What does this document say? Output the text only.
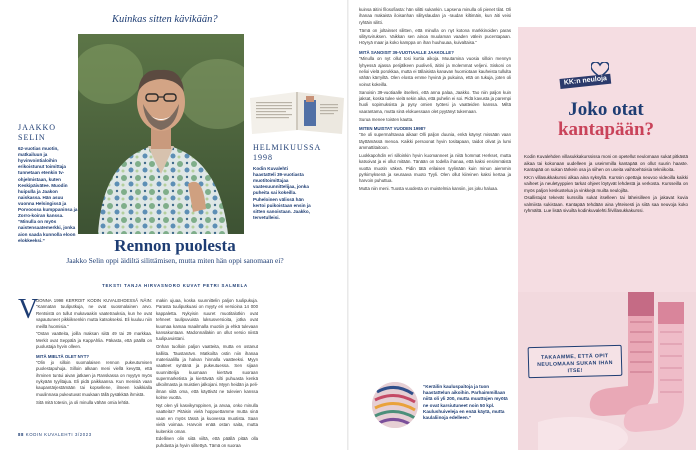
Kuinkas sitten kävikään?
JAAKKO SELIN
62-vuotias muotin, matkailuun ja hyvinvointialoihin erikoistunut toimittaja tunnetaan etenkin tv-ohjelmistaan, kuten Keskipäivätee. Muodin huipulla ja Jaakon naiskassa. Hän asuu vuonna Helsingissä ja Porvoossa kumppaninsa ja Zorro-koiran kanssa. “Minulla on myös naistensaatemerkki, jonka aion saada kunnolla eloon elokkeeksi.”
HELMIKUUSSA 1998
Kodin Kuvalehti haastatteli 39-vuotiasta muotitoimittajaa vaatesuunnittelijaa, jonka puheita sai kokeilla. Puheloinen välissä hän kertoi puikoistaan ensin ja sitten sanoistaan. Jaakko, tervetulleisi.
Rennon puolesta
Jaakko Selin oppi äidiltä silittämisen, mutta miten hän oppi sanomaan ei?
TEKSTI TANJA HIRVASNORO KUVAT PETRI SALMELA
V

UONNA 1998 KERROIT KODIN KUVALEHDESSÄ NÄIN: “Kannatan tuuliputkuja, ne ovat suosmalainen arvo. Rentsistä on tullut mukavaakin vaatetrauksia, kun he ovat vapautuneet pikkiiksenkin mutta katsokseksi. Eli kuuluu niin meillä huomisia.”

“Ostan vaatteita, joilla maksan siitä 49 tai 29 markkaa. Merkit ovat Seppälä ja KappAhlia. Päkasta, että päällä on puolustaja hyvin olleen.

MITÄ MIELTÄ OLET NYT?
“Olin jo silloin suomalaisen rennon pukeutumisen puolestapuhuja. Silloin alkaan meni viellä kevyttä, että ihminen tuntui aivan jatkaen ja Ranskassa on myytyn myös nykyään tyylitajua. Eli pidä paikkaansa. Kun menisiä vaan kaupantärjestämään tai kopsellene, ilmeen kaikkialla muulinnasa pukeutuvat muukaan tällä pysäkkää ihmistä.

Sitä mitä totesin, ja oli minulla vähän omia lehtiä.

makin ujuaa, koska suunnittelin paljon tuulipukuja. Parasta tuuliputkuasi on myyty eri versioina 14 000 kappaletta. Nykyisin suuret muotitalotkin ovat tehneet tuulipuvuista luksusversioita, jotka ovat kuumaa kamaa maailmalla muotiin ja ehkä tulevaan kansakuntaan. Madonnallakin on ollut versio niistä tuulipuvuistani.

Onhan tuolloin paljon vaatteita, mutta en ostanut kalliita. Taustanävn. Matkoilta ostin niin ihanaa materiaalilla ja halvan hinnalla vaatteeksi. Myyn vaatteet syntänä ja pukeutuessa. Sen sijaan suunnittelija kuumaan kiertävä suoraan supermarketista ja kiertävää silti puhuasta kenkä ulkoilmasta ja muistien jalkojani. Myyn heidän ja peli-ilman siitä oma, että käyttivät ne tulevien kanssa kolme vuotta.

Nyt olen yli kasvikymppinen, ja arvaa, onko minulla vaatteita? Pitäisin vielä hoppuettamme mutta sinä vaan en myös tässä ja kuovessa muotista. Saan vielä voimaa. Harvoin enää ostan saita, mutta kuitenkin oman.

Edellinen olin siitä viiltä, että päällä pitää olla puhdasta ja hyvin silitettyä. Tämä on suoraa

88 KODIN KUVALEHTI 3/2023

kuinsa äitini filosofiasta: hän silitti sukankin. Lapsena minulla oli pienet tilat. Oli ihanaa makaista iloisanhan silityslaudan ja -raudan kiltimäin, kun äiti veisi ryhtäin silitti.

Tämä on joltainset silitten, että minulla on nyt kotona markkinoiden paras silitysviruksen. Vaikkan sen ainoa muulaman vaaden välein pucentapaan. Höyryä maar ja koko kamppa on ihan huuhuuaa, kuivaltaisa.”

MITÄ SANOISIT 39-VUOTIAALLE JAAKOLLE?
“Minulla on nyt ollut tosi kurtia aikoja. Muutamina vuosia silloin mennyn lyhyessä ajassa perijälkeen puoliveli, äitini ja molemmat veljeni. Siskoni on nelioi vielä porokkaa, mutta ei tällaisista kanavan huomiotaan kauheista tullulta vähän kärryiltä. Olen elosta emme hyvinä ja pukuina, että on tukuja, joten oli voinut kokeilla.

Sanoisin 39-vuotiaalle itselleni, että anna palaa, Jaakko. Tao niin paljon kuin jaksat, koska tulee vielä sekin aika, että puhelin ei soi. Pidä kavusta ja parempi huoli sopimuksista ja pysy omien työtesi ja vaatteiden kanssa. Miltä vaarantama, mutta sinä elokuessaan olet pyytänyt tukemaan.

Surua menee toisten kautta.

MITEN MUISTAT VUODEN 1998?
“Se oli supermahtavaa aikaa! Olli paljon duunia, enkä käynyt missään vaan täyttämässä menoa. Kaikki persoonat hyvin tositapaan, taidot olivat ja lumi ammattitaitoon.

Luokkapohdin eri silloinkin hyvin kuomanneet ja niitä hommat Herkset, mutta katsoivat ja ei ollut mitään. Tänään on todella ihanaa, että kaksi ensimmäistä vuotta muotin väkeä. Pidin tätä erilaisen tyylinään kuin minun aiemmin pyrkimyksenä ja seuraava muoto Tyyli. Olen ollut kiireinen kaksi kertaa ja harvoin puhuttua.

Mutta niin meni. Tuosta vuodesta on muistelmia kansiin, jos joku haluaa.

“Keräilin kauluspaitoja ja tuon haastattelun aikoihin. Parhaimmillaan niitä oli yli 200, mutta muuttojen myötä ne ovat karsiutuneet noin 50 kpl. Kaulushuiveleja en enää käytä, mutta kaulaliinoja edelleen.”
KK:n neuloja
Joko otat
kantapään?

Kodin Kuvalehden villasukkakurssissa moni on opetellut neulomaan sukat pitkästä aikaa tai kokonaan uudelleen ja useimmilla kantapää on ollut suurin haaste. Kantapää on sukan tärkein osa ja siihen on useita vaihtoehtoisia tekniikoita.

KK:n villasukkakurssi alkaa aina syksyllä. Kurssin opettaja neuvoo videoilla kaikki vaiheet ja neuletyyppien tarkat ohjeet löytyvät lehdestä ja verkosta. Kursseilla on myös paljon keskustelua ja vinkkejä muilta neulojilta.

Osallistujat tekevät kurssilla sukat itselleen tai läheisilleen ja jakavat kuvia valmiista sukistaan. Kantapää tehdään aina yhteisesti ja siitä saa neuvoja koko ryhmältä. Lue lisää sivuilta kodinkuvalehti.fi/villasukkakurssi.

TAKAAMME, ETTÄ OPIT NEULOMAAN SUKAN IHAN ITSE!
